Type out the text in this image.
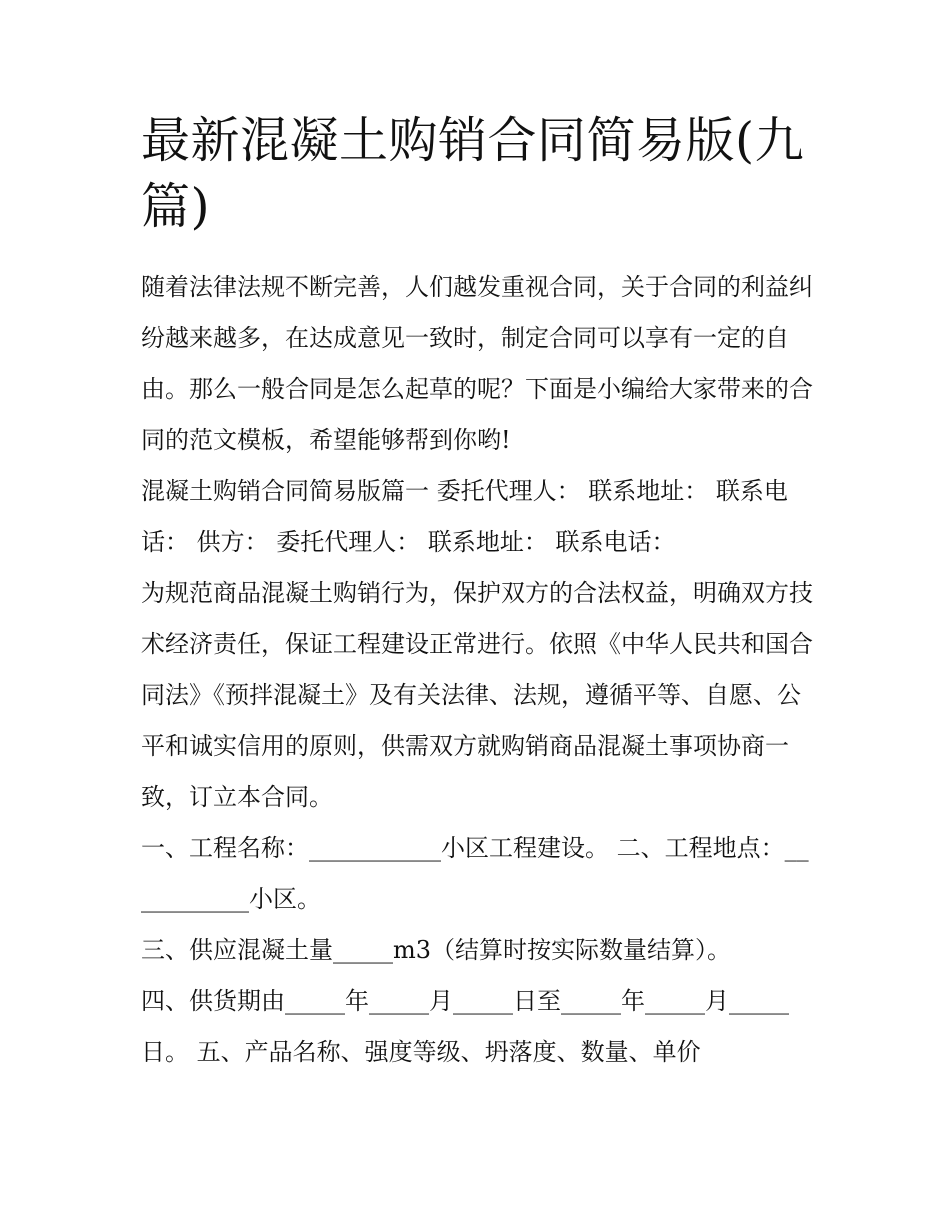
最新混凝土购销合同简易版(九篇)

随着法律法规不断完善，人们越发重视合同，关于合同的利益纠纷越来越多，在达成意见一致时，制定合同可以享有一定的自由。那么一般合同是怎么起草的呢？下面是小编给大家带来的合同的范文模板，希望能够帮到你哟!

混凝土购销合同简易版篇一 委托代理人： 联系地址： 联系电话： 供方： 委托代理人： 联系地址： 联系电话：

为规范商品混凝土购销行为，保护双方的合法权益，明确双方技术经济责任，保证工程建设正常进行。依照《中华人民共和国合同法》《预拌混凝土》及有关法律、法规，遵循平等、自愿、公平和诚实信用的原则，供需双方就购销商品混凝土事项协商一致，订立本合同。

一、工程名称：___________小区工程建设。 二、工程地点：___________小区。

三、供应混凝土量_____m3（结算时按实际数量结算）。

四、供货期由_____年_____月_____日至_____年_____月_____日。 五、产品名称、强度等级、坍落度、数量、单价
